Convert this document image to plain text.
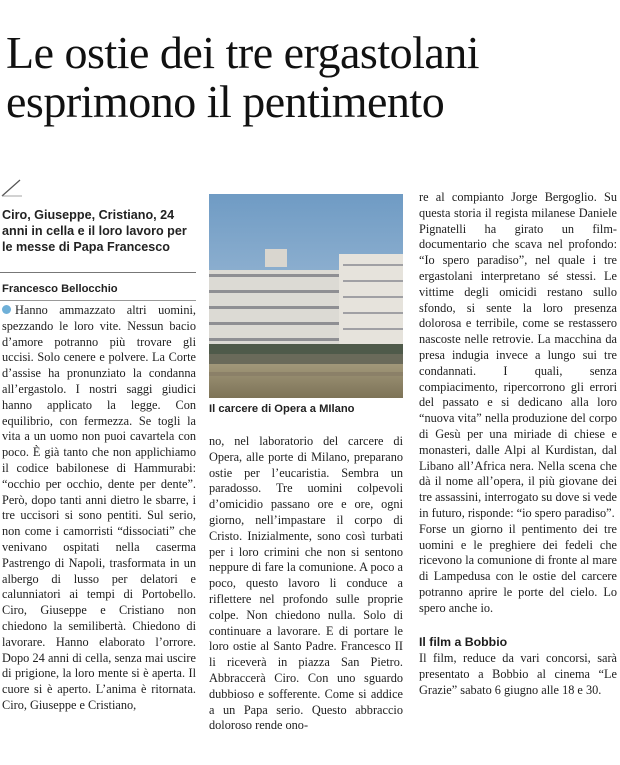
Le ostie dei tre ergastolani
esprimono il pentimento
Ciro, Giuseppe, Cristiano, 24 anni in cella e il loro lavoro per le messe di Papa Francesco
Francesco Bellocchio

Hanno ammazzato altri uomini, spezzando le loro vite. Nessun bacio d’amore potranno più trovare gli uccisi. Solo cenere e polvere. La Corte d’assise ha pronunziato la condanna all’ergastolo. I nostri saggi giudici hanno applicato la legge. Con equilibrio, con fermezza. Se togli la vita a un uomo non puoi cavartela con poco. È già tanto che non applichiamo il codice babilonese di Hammurabi: “occhio per occhio, dente per dente”. Però, dopo tanti anni dietro le sbarre, i tre uccisori si sono pentiti. Sul serio, non come i camorristi “dissociati” che venivano ospitati nella caserma Pastrengo di Napoli, trasformata in un albergo di lusso per delatori e calunniatori ai tempi di Portobello. Ciro, Giuseppe e Cristiano non chiedono la semilibertà. Chiedono di lavorare. Hanno elaborato l’orrore. Dopo 24 anni di cella, senza mai uscire di prigione, la loro mente si è aperta. Il cuore si è aperto. L’anima è ritornata. Ciro, Giuseppe e Cristiano,

Il carcere di Opera a MIlano

no, nel laboratorio del carcere di Opera, alle porte di Milano, preparano ostie per l’eucaristia. Sembra un paradosso. Tre uomini colpevoli d’omicidio passano ore e ore, ogni giorno, nell’impastare il corpo di Cristo. Inizialmente, sono così turbati per i loro crimini che non si sentono neppure di fare la comunione. A poco a poco, questo lavoro li conduce a riflettere nel profondo sulle proprie colpe. Non chiedono nulla. Solo di continuare a lavorare. E di portare le loro ostie al Santo Padre. Francesco II li riceverà in piazza San Pietro. Abbraccerà Ciro. Con uno sguardo dubbioso e sofferente. Come si addice a un Papa serio. Questo abbraccio doloroso rende ono-

re al compianto Jorge Bergoglio. Su questa storia il regista milanese Daniele Pignatelli ha girato un film-documentario che scava nel profondo: “Io spero paradiso”, nel quale i tre ergastolani interpretano sé stessi. Le vittime degli omicidi restano sullo sfondo, si sente la loro presenza dolorosa e terribile, come se restassero nascoste nelle retrovie. La macchina da presa indugia invece a lungo sui tre condannati. I quali, senza compiacimento, ripercorrono gli errori del passato e si dedicano alla loro “nuova vita” nella produzione del corpo di Gesù per una miriade di chiese e monasteri, dalle Alpi al Kurdistan, dal Libano all’Africa nera. Nella scena che dà il nome all’opera, il più giovane dei tre assassini, interrogato su dove si vede in futuro, risponde: “io spero paradiso”.

Forse un giorno il pentimento dei tre uomini e le preghiere dei fedeli che ricevono la comunione di fronte al mare di Lampedusa con le ostie del carcere potranno aprire le porte del cielo. Lo spero anche io.

Il film a Bobbio

Il film, reduce da vari concorsi, sarà presentato a Bobbio al cinema “Le Grazie” sabato 6 giugno alle 18 e 30.
